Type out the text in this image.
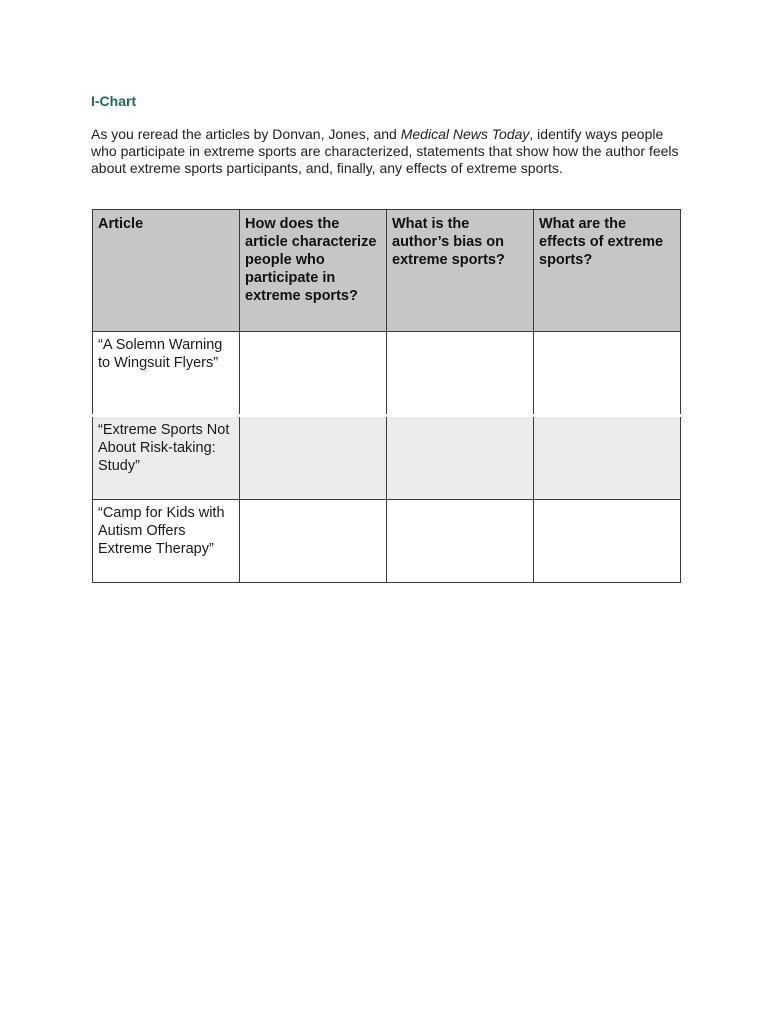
I-Chart

As you reread the articles by Donvan, Jones, and Medical News Today, identify ways people who participate in extreme sports are characterized, statements that show how the author feels about extreme sports participants, and, finally, any effects of extreme sports.

Article	How does the article characterize people who participate in extreme sports?	What is the author’s bias on extreme sports?	What are the effects of extreme sports?
“A Solemn Warning to Wingsuit Flyers”			
“Extreme Sports Not About Risk-taking: Study”			
“Camp for Kids with Autism Offers Extreme Therapy”			
